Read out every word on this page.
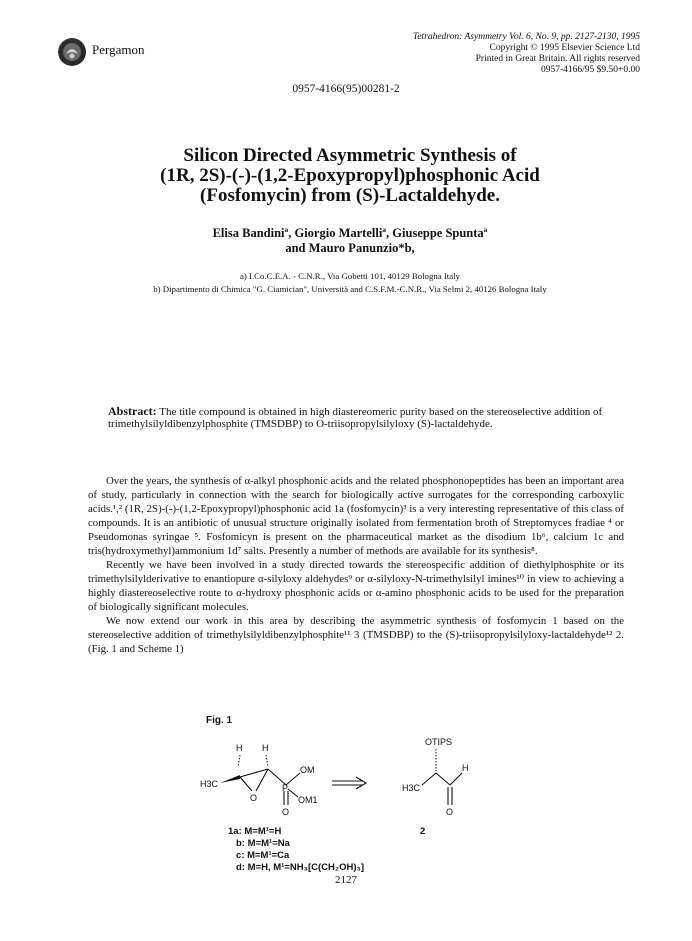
Pergamon
Tetrahedron: Asymmetry Vol. 6, No. 9, pp. 2127-2130, 1995
Copyright © 1995 Elsevier Science Ltd
Printed in Great Britain. All rights reserved
0957-4166/95 $9.50+0.00
0957-4166(95)00281-2
Silicon Directed Asymmetric Synthesis of
(1R, 2S)-(-)-(1,2-Epoxypropyl)phosphonic Acid
(Fosfomycin) from (S)-Lactaldehyde.
Elisa Bandiniª, Giorgio Martelliª, Giuseppe Spuntaª
and Mauro Panunzio*b,
a) I.Co.C.E.A. - C.N.R., Via Gobetti 101, 40129 Bologna Italy
b) Dipartimento di Chimica "G. Ciamician", Università and C.S.F.M.-C.N.R., Via Selmi 2, 40126 Bologna Italy
Abstract: The title compound is obtained in high diastereomeric purity based on the stereoselective addition of trimethylsilyldibenzylphosphite (TMSDBP) to O-triisopropylsilyloxy (S)-lactaldehyde.

Over the years, the synthesis of α-alkyl phosphonic acids and the related phosphonopeptides has been an important area of study, particularly in connection with the search for biologically active surrogates for the corresponding carboxylic acids.¹,² (1R, 2S)-(-)-(1,2-Epoxypropyl)phosphonic acid 1a (fosfomycin)³ is a very interesting representative of this class of compounds. It is an antibiotic of unusual structure originally isolated from fermentation broth of Streptomyces fradiae ⁴ or Pseudomonas syringae ⁵. Fosfomicyn is present on the pharmaceutical market as the disodium 1b⁶, calcium 1c and tris(hydroxymethyl)ammonium 1d⁷ salts. Presently a number of methods are available for its synthesis⁸.

Recently we have been involved in a study directed towards the stereospecific addition of diethylphosphite or its trimethylsilylderivative to enantiopure α-silyloxy aldehydes⁹ or α-silyloxy-N-trimethylsilyl imines¹⁰ in view to achieving a highly diastereoselective route to α-hydroxy phosphonic acids or α-amino phosphonic acids to be used for the preparation of biologically significant molecules.

We now extend our work in this area by describing the asymmetric synthesis of fosfomycin 1 based on the stereoselective addition of trimethylsilyldibenzylphosphite¹¹ 3 (TMSDBP) to the (S)-triisopropylsilyloxy-lactaldehyde¹² 2. (Fig. 1 and Scheme 1)

Fig. 1
H H
H3C
O
P
OM
OM1
O
OTIPS
H
H3C
O
1a: M=M¹=H
b: M=M¹=Na
c: M=M¹=Ca
d: M=H, M¹=NH₃[C(CH₂OH)₃]
2
2127
